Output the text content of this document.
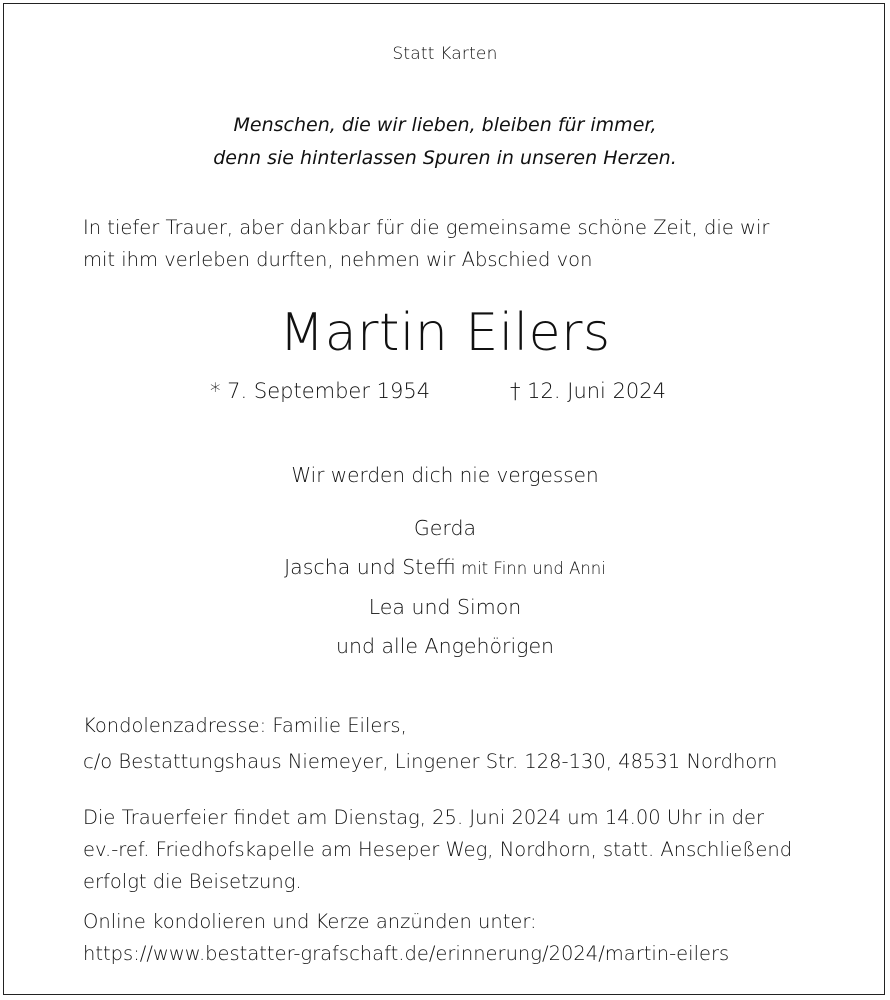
Statt Karten
Menschen, die wir lieben, bleiben für immer,
denn sie hinterlassen Spuren in unseren Herzen.
In tiefer Trauer, aber dankbar für die gemeinsame schöne Zeit, die wir
mit ihm verleben durften, nehmen wir Abschied von
Martin Eilers
* 7. September 1954	† 12. Juni 2024
Wir werden dich nie vergessen
Gerda
Jascha und Steffi mit Finn und Anni
Lea und Simon
und alle Angehörigen
Kondolenzadresse: Familie Eilers,
c/o Bestattungshaus Niemeyer, Lingener Str. 128-130, 48531 Nordhorn
Die Trauerfeier findet am Dienstag, 25. Juni 2024 um 14.00 Uhr in der
ev.-ref. Friedhofskapelle am Heseper Weg, Nordhorn, statt. Anschließend
erfolgt die Beisetzung.
Online kondolieren und Kerze anzünden unter:
https://www.bestatter-grafschaft.de/erinnerung/2024/martin-eilers
